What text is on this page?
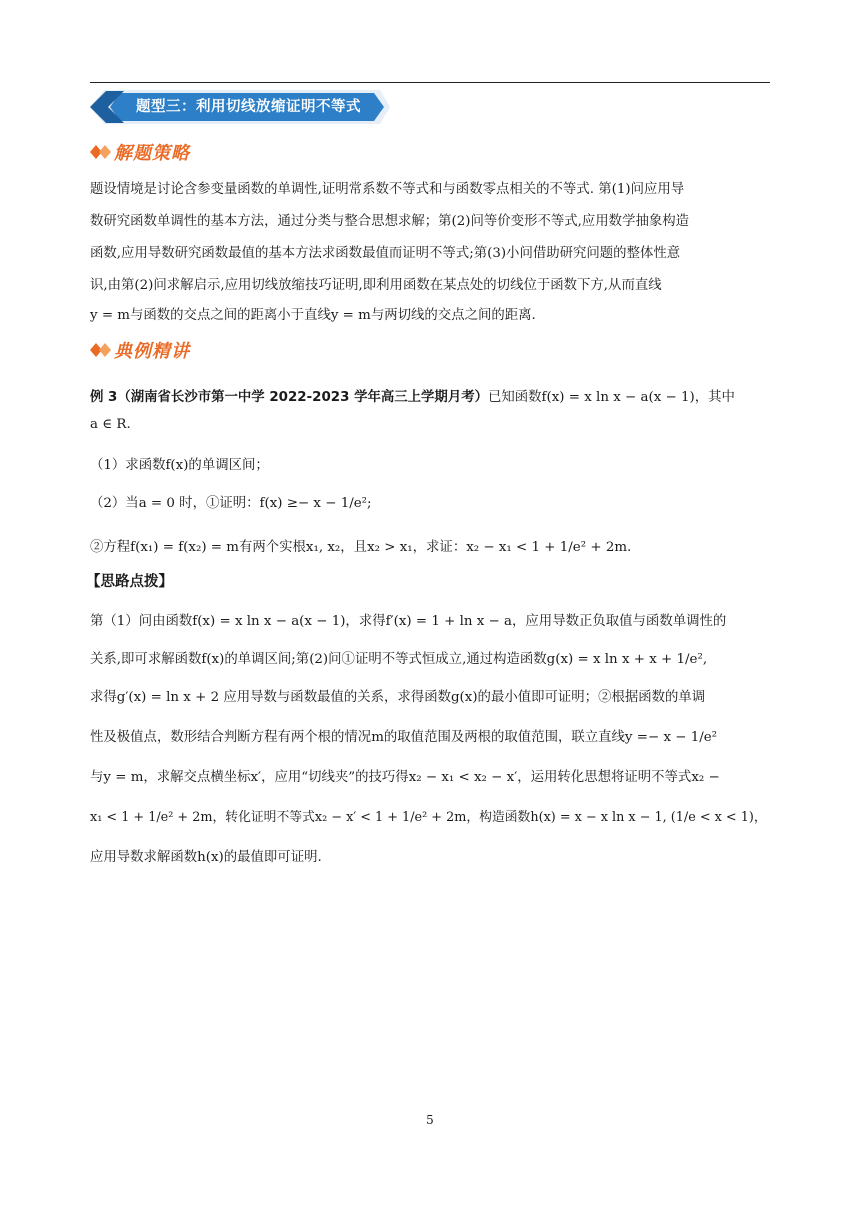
题型三：利用切线放缩证明不等式
解题策略
题设情境是讨论含参变量函数的单调性,证明常系数不等式和与函数零点相关的不等式. 第(1)问应用导
数研究函数单调性的基本方法，通过分类与整合思想求解；第(2)问等价变形不等式,应用数学抽象构造
函数,应用导数研究函数最值的基本方法求函数最值而证明不等式;第(3)小问借助研究问题的整体性意
识,由第(2)问求解启示,应用切线放缩技巧证明,即利用函数在某点处的切线位于函数下方,从而直线
y = m与函数的交点之间的距离小于直线y = m与两切线的交点之间的距离.
典例精讲
例 3（湖南省长沙市第一中学 2022-2023 学年高三上学期月考）已知函数f(x) = x ln x − a(x − 1)，其中
a ∈ R.
（1）求函数f(x)的单调区间；
（2）当a = 0 时，①证明：f(x) ≥− x − 1/e²;
②方程f(x₁) = f(x₂) = m有两个实根x₁, x₂，且x₂ > x₁，求证：x₂ − x₁ < 1 + 1/e² + 2m.
【思路点拨】
第（1）问由函数f(x) = x ln x − a(x − 1)，求得f′(x) = 1 + ln x − a，应用导数正负取值与函数单调性的
关系,即可求解函数f(x)的单调区间;第(2)问①证明不等式恒成立,通过构造函数g(x) = x ln x + x + 1/e²,
求得g′(x) = ln x + 2 应用导数与函数最值的关系，求得函数g(x)的最小值即可证明；②根据函数的单调
性及极值点，数形结合判断方程有两个根的情况m的取值范围及两根的取值范围，联立直线y =− x − 1/e²
与y = m，求解交点横坐标x′，应用“切线夹”的技巧得x₂ − x₁ < x₂ − x′，运用转化思想将证明不等式x₂ −
x₁ < 1 + 1/e² + 2m，转化证明不等式x₂ − x′ < 1 + 1/e² + 2m，构造函数h(x) = x − x ln x − 1, (1/e < x < 1)，
应用导数求解函数h(x)的最值即可证明.
5
